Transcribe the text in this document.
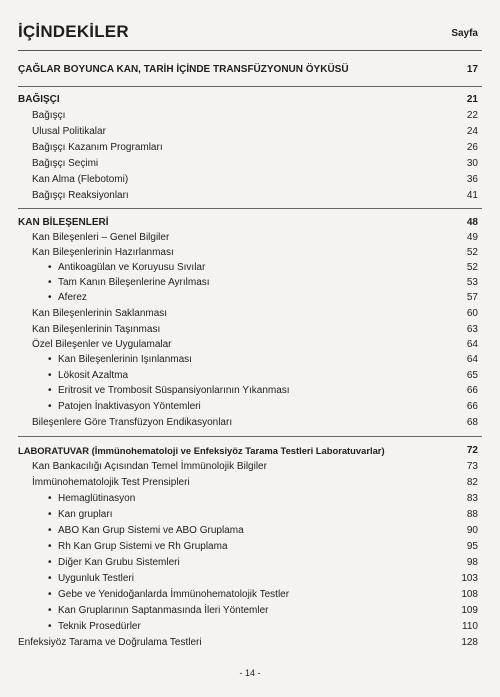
İÇİNDEKİLER	Sayfa
ÇAĞLAR BOYUNCA KAN, TARİH İÇİNDE TRANSFÜZYONUN ÖYKÜSÜ	17
BAĞIŞÇI	21
Bağışçı	22
Ulusal Politikalar	24
Bağışçı Kazanım Programları	26
Bağışçı Seçimi	30
Kan Alma (Flebotomi)	36
Bağışçı Reaksiyonları	41
KAN BİLEŞENLERİ	48
Kan Bileşenleri – Genel Bilgiler	49
Kan Bileşenlerinin Hazırlanması	52
• Antikoagülan ve Koruyusu Sıvılar	52
• Tam Kanın Bileşenlerine Ayrılması	53
• Aferez	57
Kan Bileşenlerinin Saklanması	60
Kan Bileşenlerinin Taşınması	63
Özel Bileşenler ve Uygulamalar	64
• Kan Bileşenlerinin Işınlanması	64
• Lökosit Azaltma	65
• Eritrosit ve Trombosit Süspansiyonlarının Yıkanması	66
• Patojen İnaktivasyon Yöntemleri	66
Bileşenlere Göre Transfüzyon Endikasyonları	68
LABORATUVAR (İmmünohematoloji ve Enfeksiyöz Tarama Testleri Laboratuvarlar)	72
Kan Bankacılığı Açısından Temel İmmünolojik Bilgiler	73
İmmünohematolojik Test Prensipleri	82
• Hemaglütinasyon	83
• Kan grupları	88
• ABO Kan Grup Sistemi ve ABO Gruplama	90
• Rh Kan Grup Sistemi ve Rh Gruplama	95
• Diğer Kan Grubu Sistemleri	98
• Uygunluk Testleri	103
• Gebe ve Yenidoğanlarda İmmünohematolojik Testler	108
• Kan Gruplarının Saptanmasında İleri Yöntemler	109
• Teknik Prosedürler	110
Enfeksiyöz Tarama ve Doğrulama Testleri	128
- 14 -
